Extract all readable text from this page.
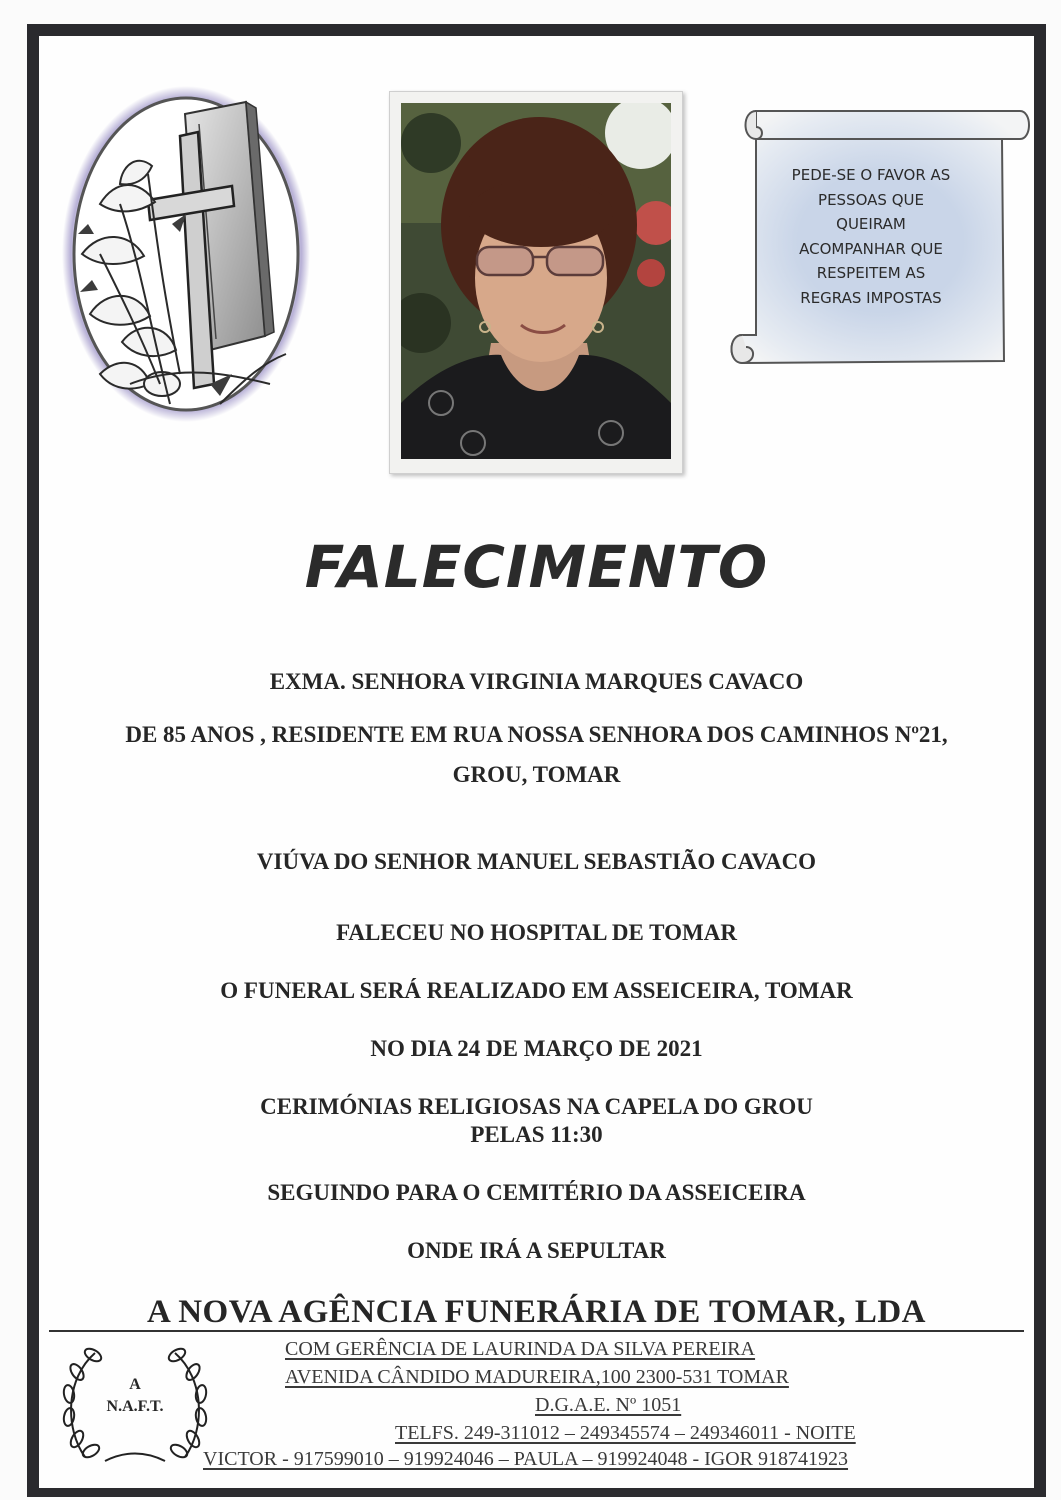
PEDE-SE O FAVOR AS
PESSOAS QUE
QUEIRAM
ACOMPANHAR QUE
RESPEITEM AS
REGRAS IMPOSTAS
FALECIMENTO
EXMA. SENHORA VIRGINIA MARQUES CAVACO
DE 85 ANOS , RESIDENTE EM RUA NOSSA SENHORA DOS CAMINHOS Nº21,
GROU, TOMAR
VIÚVA DO SENHOR MANUEL SEBASTIÃO CAVACO
FALECEU NO HOSPITAL DE TOMAR
O FUNERAL SERÁ REALIZADO EM ASSEICEIRA, TOMAR
NO DIA 24 DE MARÇO DE 2021
CERIMÓNIAS RELIGIOSAS NA CAPELA DO GROU
PELAS 11:30
SEGUINDO PARA O CEMITÉRIO DA ASSEICEIRA
ONDE IRÁ A SEPULTAR
A NOVA AGÊNCIA FUNERÁRIA DE TOMAR, LDA
A
N.A.F.T.
COM GERÊNCIA DE LAURINDA DA SILVA PEREIRA
AVENIDA CÂNDIDO MADUREIRA,100 2300-531 TOMAR
D.G.A.E. Nº 1051
TELFS. 249-311012 – 249345574 – 249346011 - NOITE
VICTOR - 917599010 – 919924046 – PAULA – 919924048 - IGOR 918741923
